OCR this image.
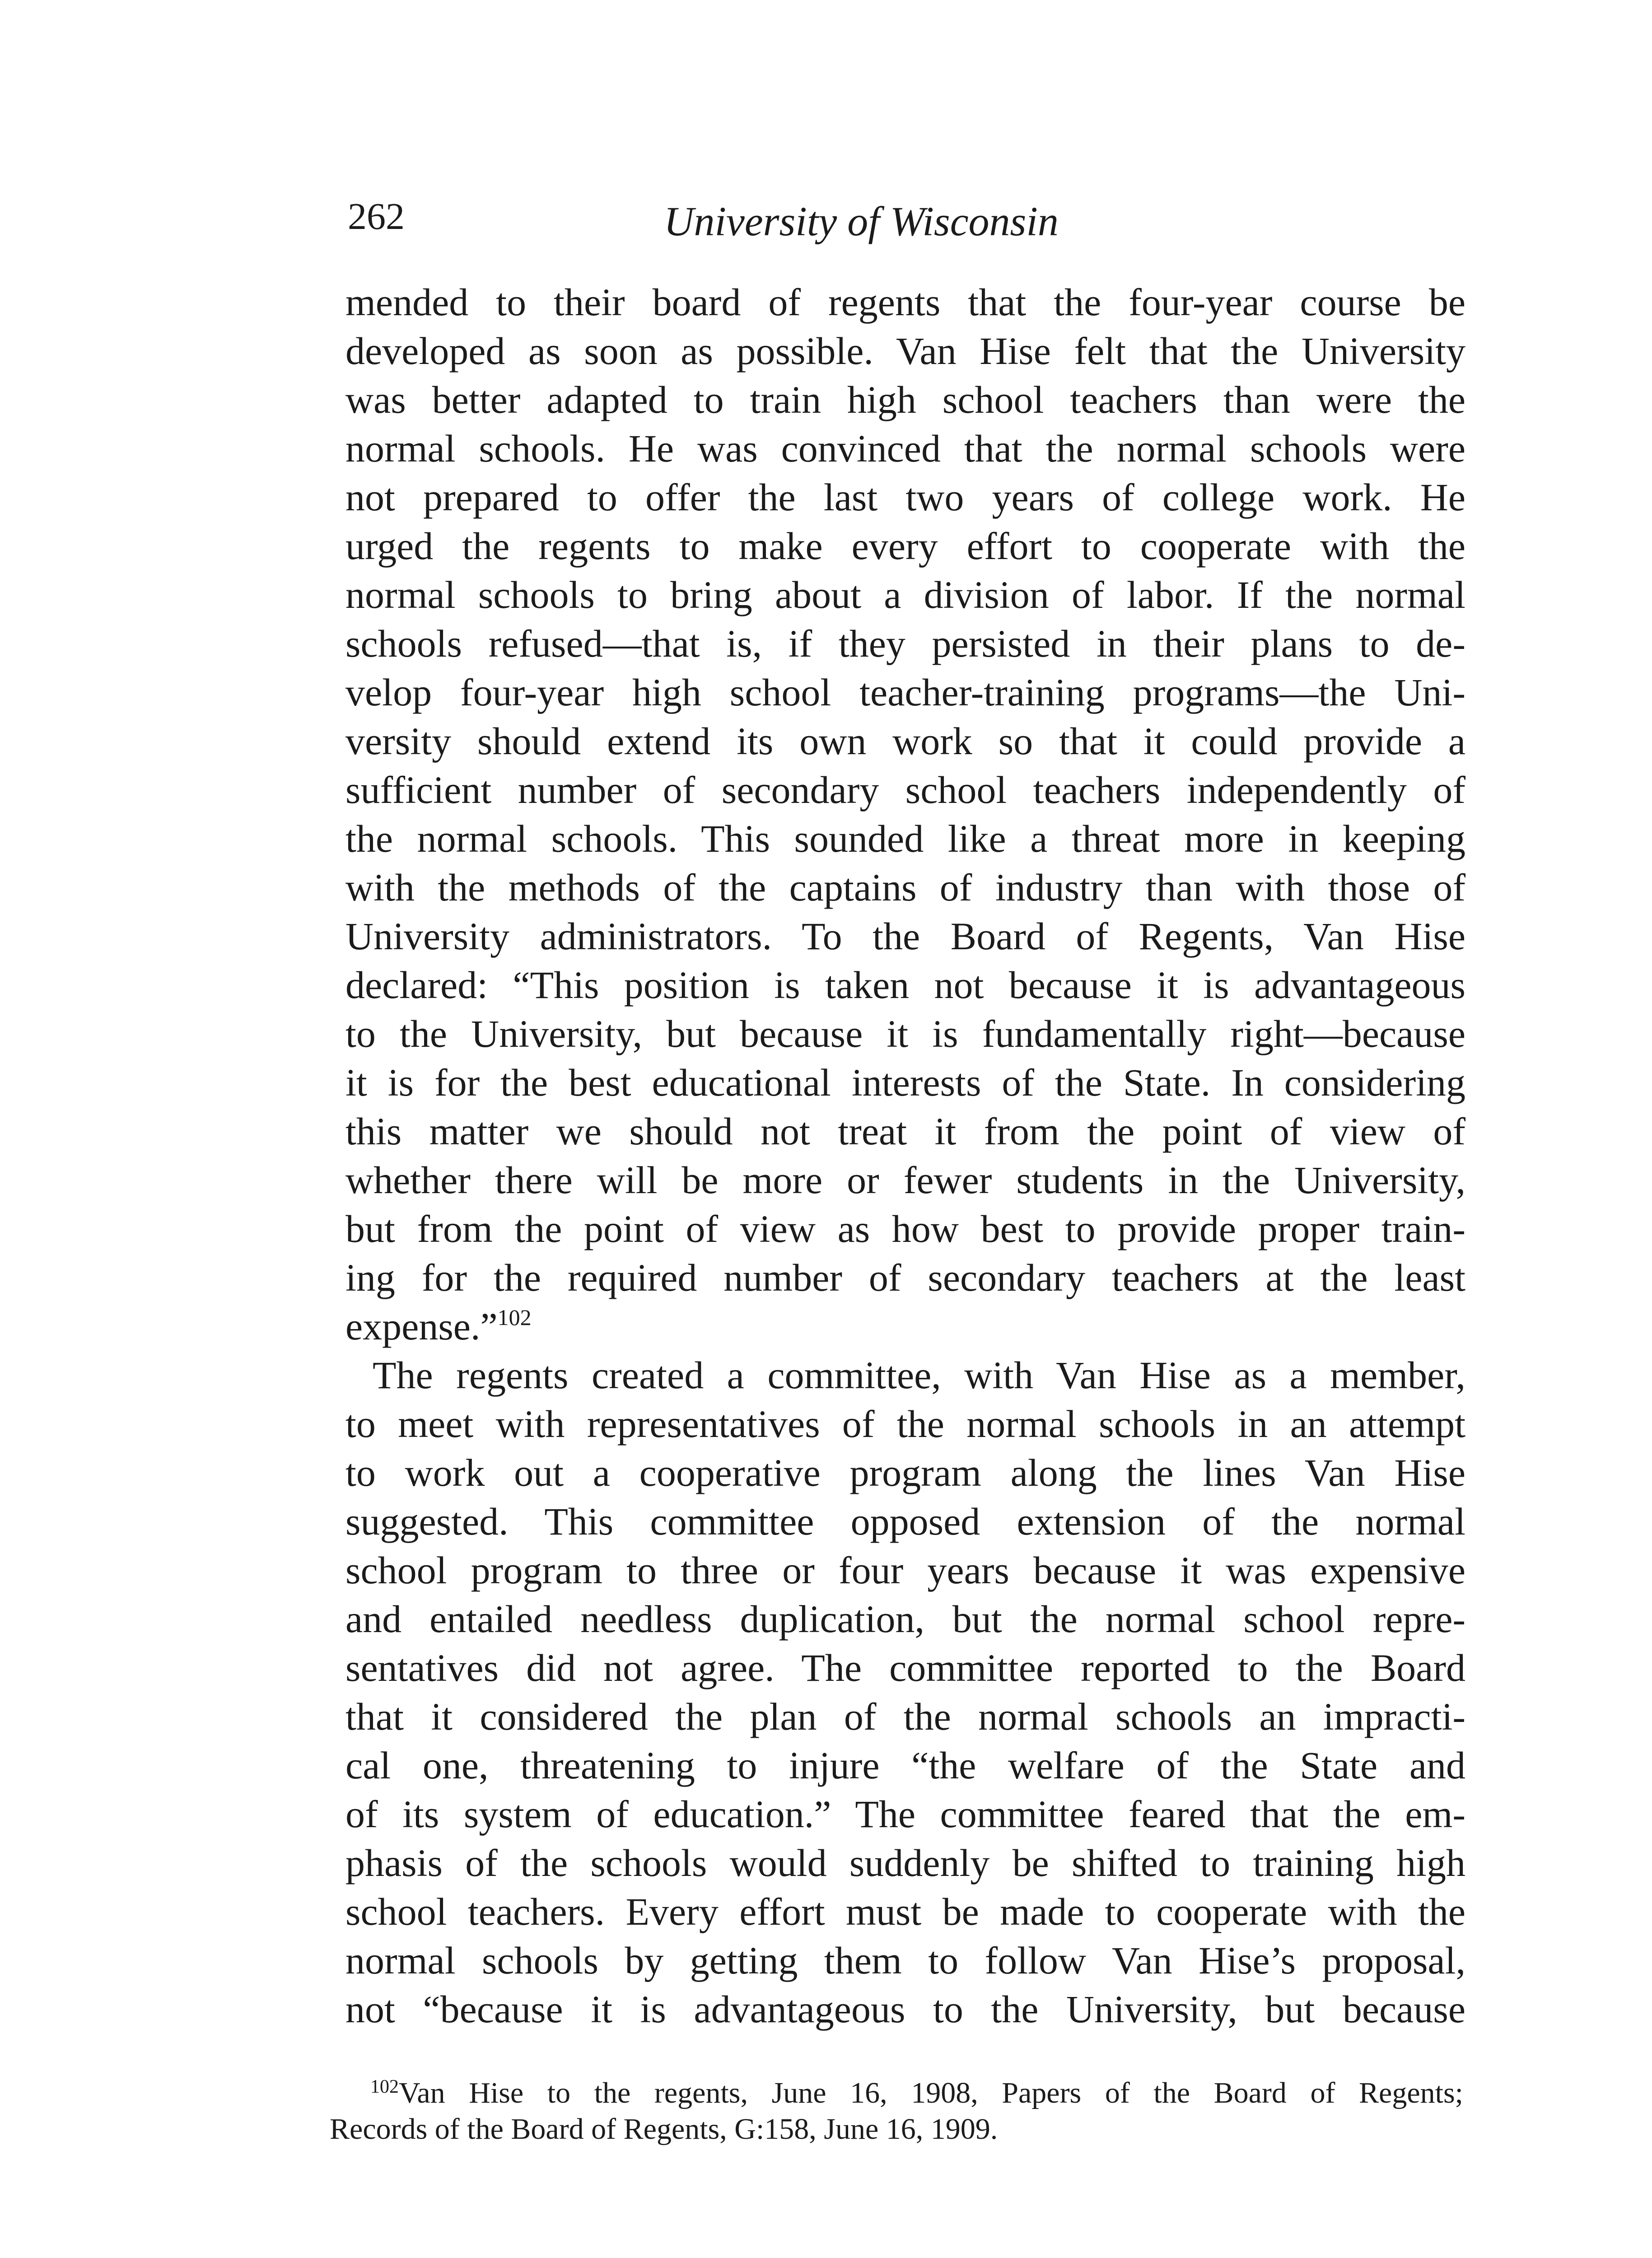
262	University of Wisconsin
mended to their board of regents that the four-year course be
developed as soon as possible. Van Hise felt that the University
was better adapted to train high school teachers than were the
normal schools. He was convinced that the normal schools were
not prepared to offer the last two years of college work. He
urged the regents to make every effort to cooperate with the
normal schools to bring about a division of labor. If the normal
schools refused—that is, if they persisted in their plans to de-
velop four-year high school teacher-training programs—the Uni-
versity should extend its own work so that it could provide a
sufficient number of secondary school teachers independently of
the normal schools. This sounded like a threat more in keeping
with the methods of the captains of industry than with those of
University administrators. To the Board of Regents, Van Hise
declared: “This position is taken not because it is advantageous
to the University, but because it is fundamentally right—because
it is for the best educational interests of the State. In considering
this matter we should not treat it from the point of view of
whether there will be more or fewer students in the University,
but from the point of view as how best to provide proper train-
ing for the required number of secondary teachers at the least
expense.”$^{102}$
The regents created a committee, with Van Hise as a member,
to meet with representatives of the normal schools in an attempt
to work out a cooperative program along the lines Van Hise
suggested. This committee opposed extension of the normal
school program to three or four years because it was expensive
and entailed needless duplication, but the normal school repre-
sentatives did not agree. The committee reported to the Board
that it considered the plan of the normal schools an impracti-
cal one, threatening to injure “the welfare of the State and
of its system of education.” The committee feared that the em-
phasis of the schools would suddenly be shifted to training high
school teachers. Every effort must be made to cooperate with the
normal schools by getting them to follow Van Hise’s proposal,
not “because it is advantageous to the University, but because
$^{102}$Van Hise to the regents, June 16, 1908, Papers of the Board of Regents;
Records of the Board of Regents, G:158, June 16, 1909.
